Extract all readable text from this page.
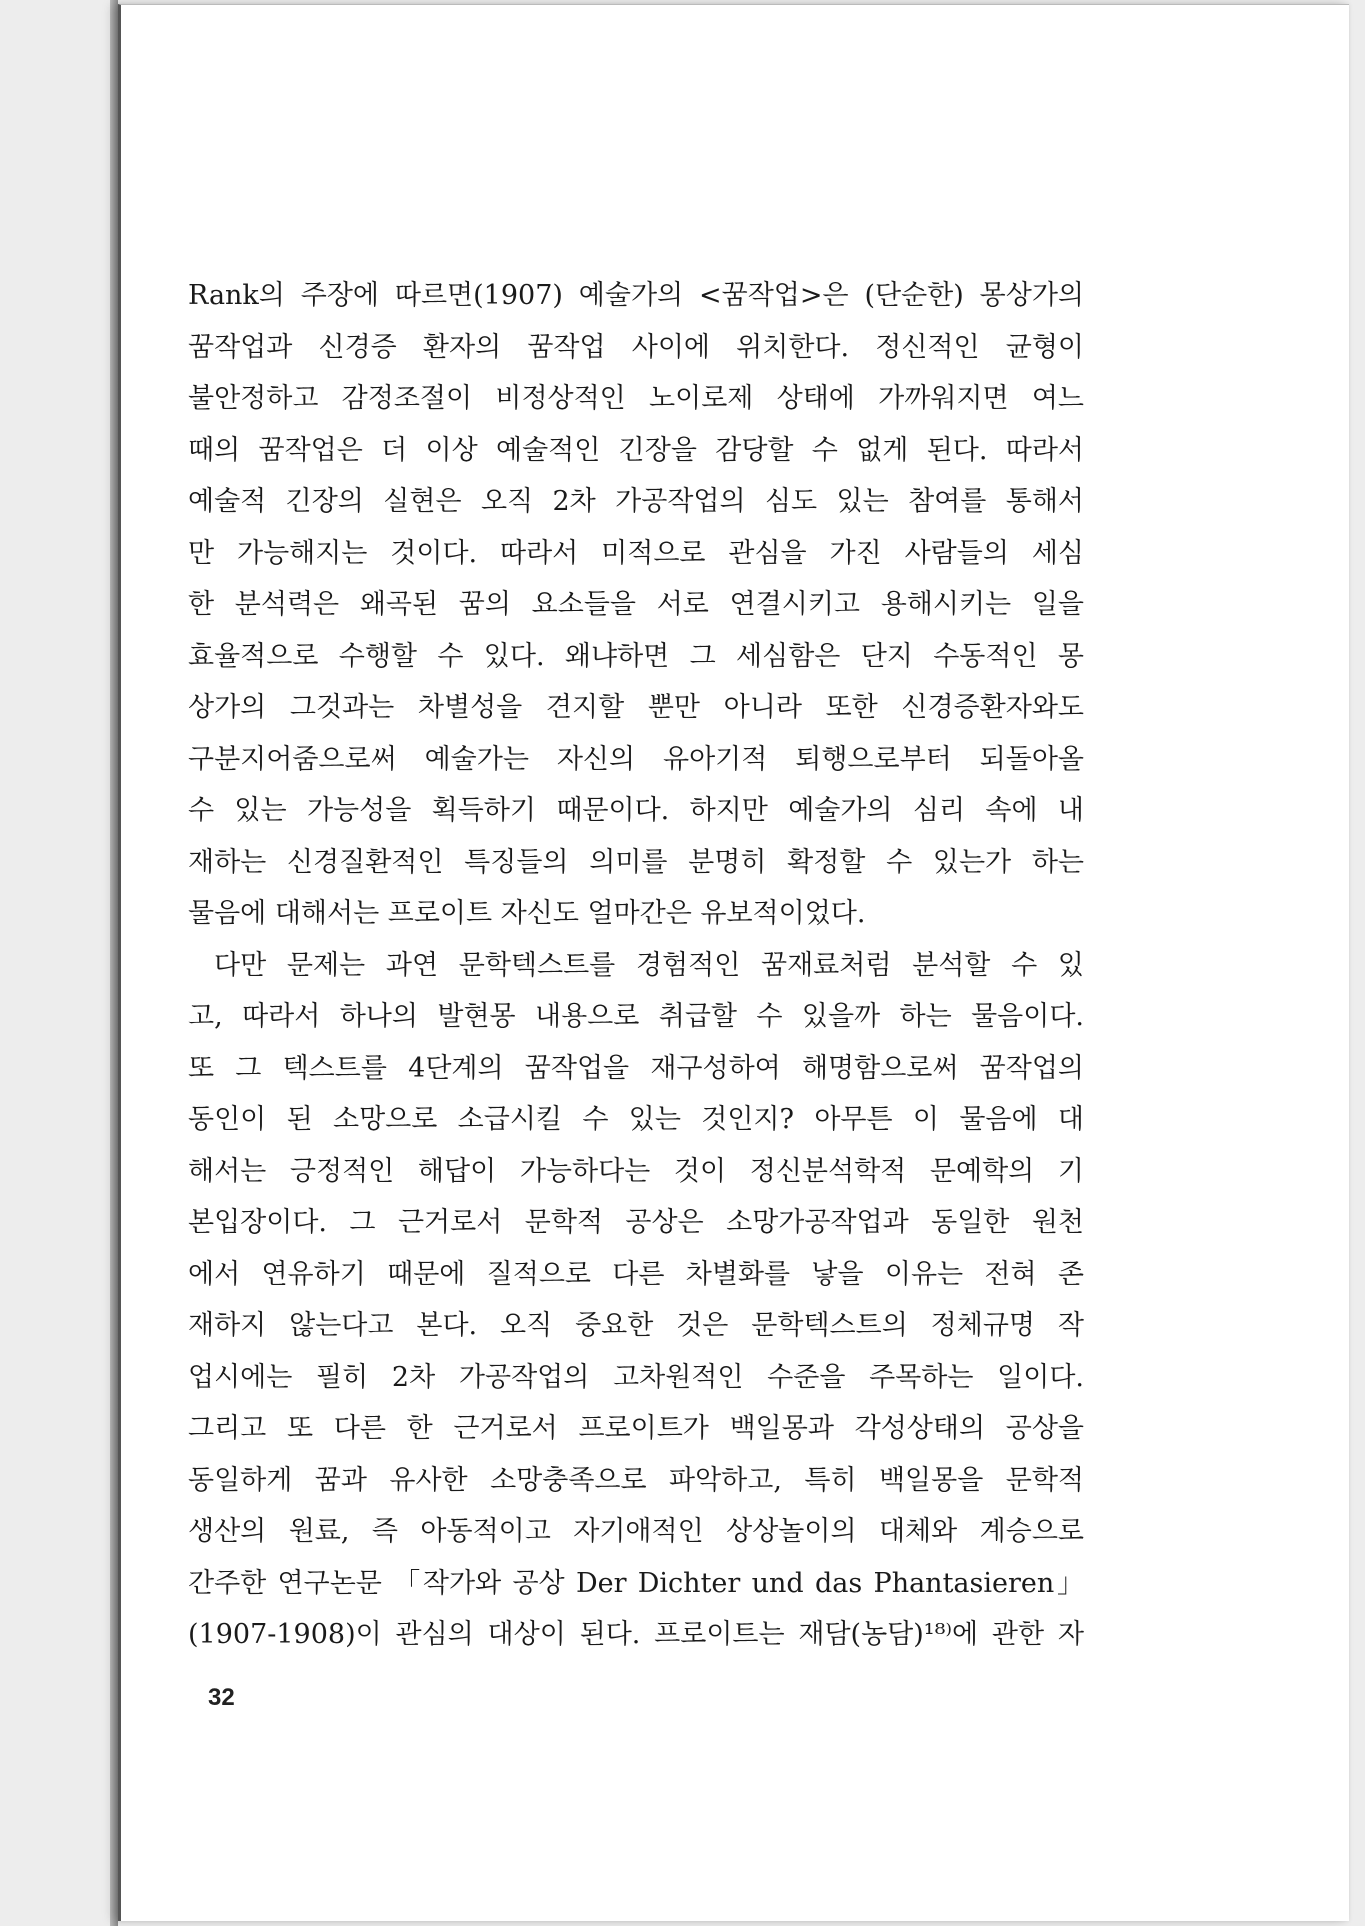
Rank의 주장에 따르면(1907) 예술가의 <꿈작업>은 (단순한) 몽상가의
꿈작업과 신경증 환자의 꿈작업 사이에 위치한다. 정신적인 균형이
불안정하고 감정조절이 비정상적인 노이로제 상태에 가까워지면 여느
때의 꿈작업은 더 이상 예술적인 긴장을 감당할 수 없게 된다. 따라서
예술적 긴장의 실현은 오직 2차 가공작업의 심도 있는 참여를 통해서
만 가능해지는 것이다. 따라서 미적으로 관심을 가진 사람들의 세심
한 분석력은 왜곡된 꿈의 요소들을 서로 연결시키고 용해시키는 일을
효율적으로 수행할 수 있다. 왜냐하면 그 세심함은 단지 수동적인 몽
상가의 그것과는 차별성을 견지할 뿐만 아니라 또한 신경증환자와도
구분지어줌으로써 예술가는 자신의 유아기적 퇴행으로부터 되돌아올
수 있는 가능성을 획득하기 때문이다. 하지만 예술가의 심리 속에 내
재하는 신경질환적인 특징들의 의미를 분명히 확정할 수 있는가 하는
물음에 대해서는 프로이트 자신도 얼마간은 유보적이었다.

다만 문제는 과연 문학텍스트를 경험적인 꿈재료처럼 분석할 수 있
고, 따라서 하나의 발현몽 내용으로 취급할 수 있을까 하는 물음이다.
또 그 텍스트를 4단계의 꿈작업을 재구성하여 해명함으로써 꿈작업의
동인이 된 소망으로 소급시킬 수 있는 것인지? 아무튼 이 물음에 대
해서는 긍정적인 해답이 가능하다는 것이 정신분석학적 문예학의 기
본입장이다. 그 근거로서 문학적 공상은 소망가공작업과 동일한 원천
에서 연유하기 때문에 질적으로 다른 차별화를 낳을 이유는 전혀 존
재하지 않는다고 본다. 오직 중요한 것은 문학텍스트의 정체규명 작
업시에는 필히 2차 가공작업의 고차원적인 수준을 주목하는 일이다.
그리고 또 다른 한 근거로서 프로이트가 백일몽과 각성상태의 공상을
동일하게 꿈과 유사한 소망충족으로 파악하고, 특히 백일몽을 문학적
생산의 원료, 즉 아동적이고 자기애적인 상상놀이의 대체와 계승으로
간주한 연구논문 「작가와 공상 Der Dichter und das Phantasieren」
(1907-1908)이 관심의 대상이 된다. 프로이트는 재담(농담)¹⁸⁾에 관한 자

32
